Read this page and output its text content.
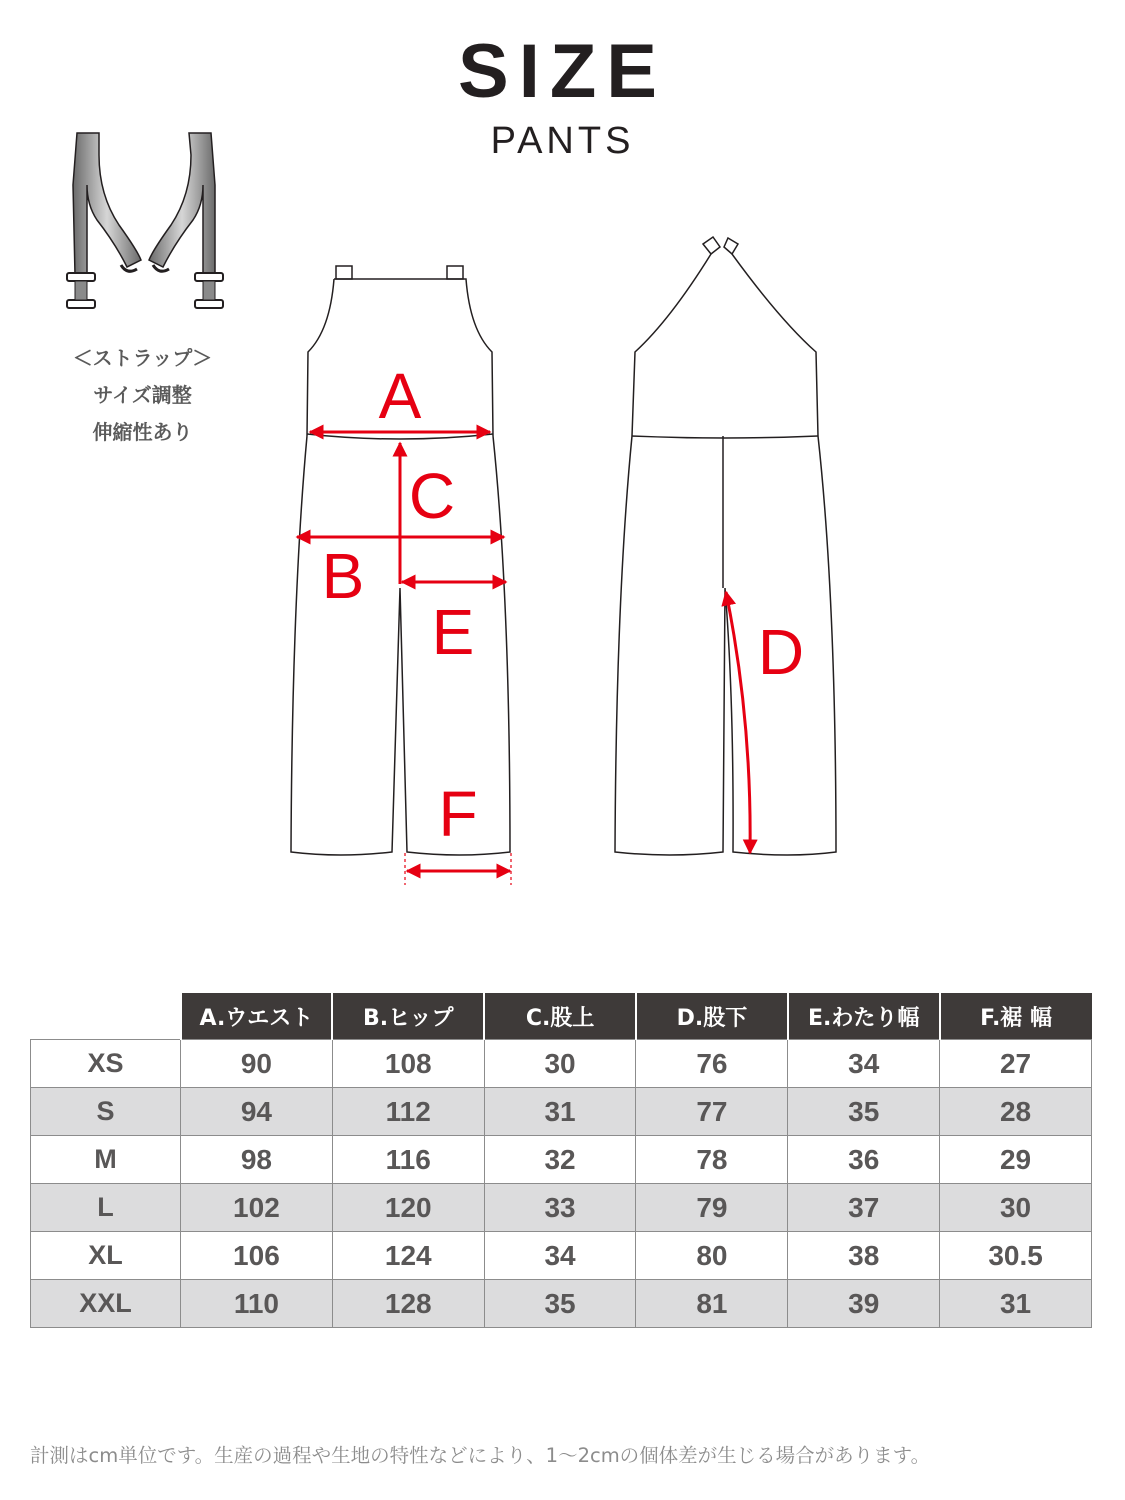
SIZE
PANTS
＜ストラップ＞
サイズ調整
伸縮性あり	A
B
C
E
F
D
	A.ウエスト	B.ヒップ	C.股上	D.股下	E.わたり幅	F.裾 幅
XS	90	108	30	76	34	27
S	94	112	31	77	35	28
M	98	116	32	78	36	29
L	102	120	33	79	37	30
XL	106	124	34	80	38	30.5
XXL	110	128	35	81	39	31
計測はcm単位です。生産の過程や生地の特性などにより、1～2cmの個体差が生じる場合があります。
